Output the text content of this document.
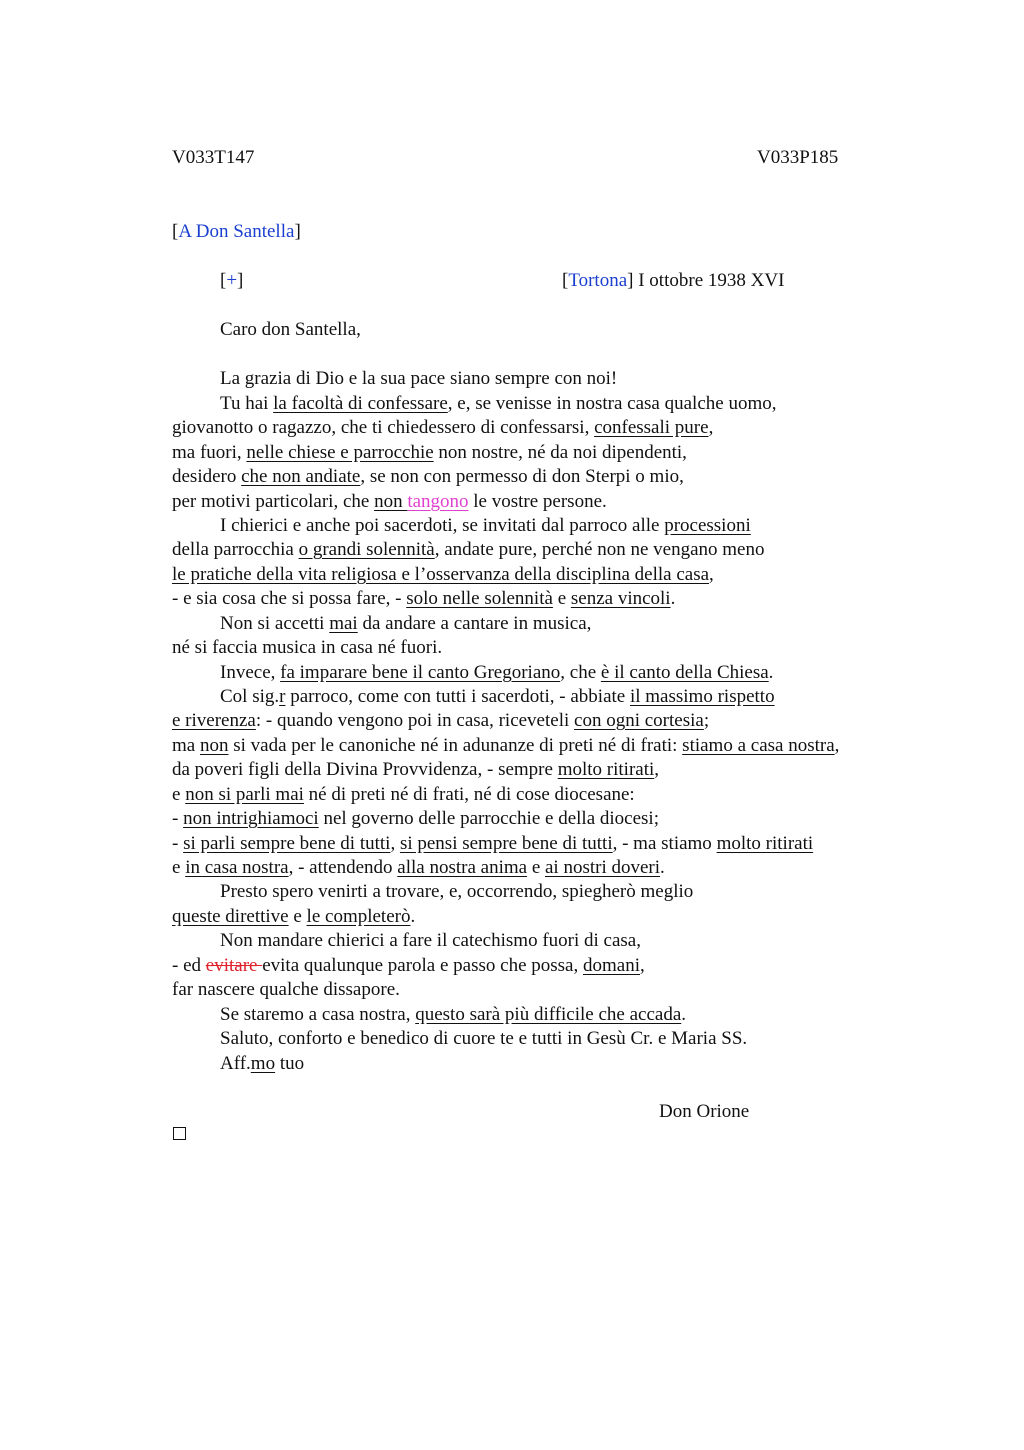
V033T147	V033P185
[A Don Santella]
[+]	[Tortona] I ottobre 1938 XVI
Caro don Santella,
La grazia di Dio e la sua pace siano sempre con noi!
Tu hai la facoltà di confessare, e, se venisse in nostra casa qualche uomo,
giovanotto o ragazzo, che ti chiedessero di confessarsi, confessali pure,
ma fuori, nelle chiese e parrocchie non nostre, né da noi dipendenti,
desidero che non andiate, se non con permesso di don Sterpi o mio,
per motivi particolari, che non tangono le vostre persone.
I chierici e anche poi sacerdoti, se invitati dal parroco alle processioni
della parrocchia o grandi solennità, andate pure, perché non ne vengano meno
le pratiche della vita religiosa e l’osservanza della disciplina della casa,
- e sia cosa che si possa fare, - solo nelle solennità e senza vincoli.
Non si accetti mai da andare a cantare in musica,
né si faccia musica in casa né fuori.
Invece, fa imparare bene il canto Gregoriano, che è il canto della Chiesa.
Col sig.r parroco, come con tutti i sacerdoti, - abbiate il massimo rispetto
e riverenza: - quando vengono poi in casa, riceveteli con ogni cortesia;
ma non si vada per le canoniche né in adunanze di preti né di frati: stiamo a casa nostra,
da poveri figli della Divina Provvidenza, - sempre molto ritirati,
e non si parli mai né di preti né di frati, né di cose diocesane:
- non intrighiamoci nel governo delle parrocchie e della diocesi;
- si parli sempre bene di tutti, si pensi sempre bene di tutti, - ma stiamo molto ritirati
e in casa nostra, - attendendo alla nostra anima e ai nostri doveri.
Presto spero venirti a trovare, e, occorrendo, spiegherò meglio
queste direttive e le completerò.
Non mandare chierici a fare il catechismo fuori di casa,
- ed evitare evita qualunque parola e passo che possa, domani,
far nascere qualche dissapore.
Se staremo a casa nostra, questo sarà più difficile che accada.
Saluto, conforto e benedico di cuore te e tutti in Gesù Cr. e Maria SS.
Aff.mo tuo
Don Orione
